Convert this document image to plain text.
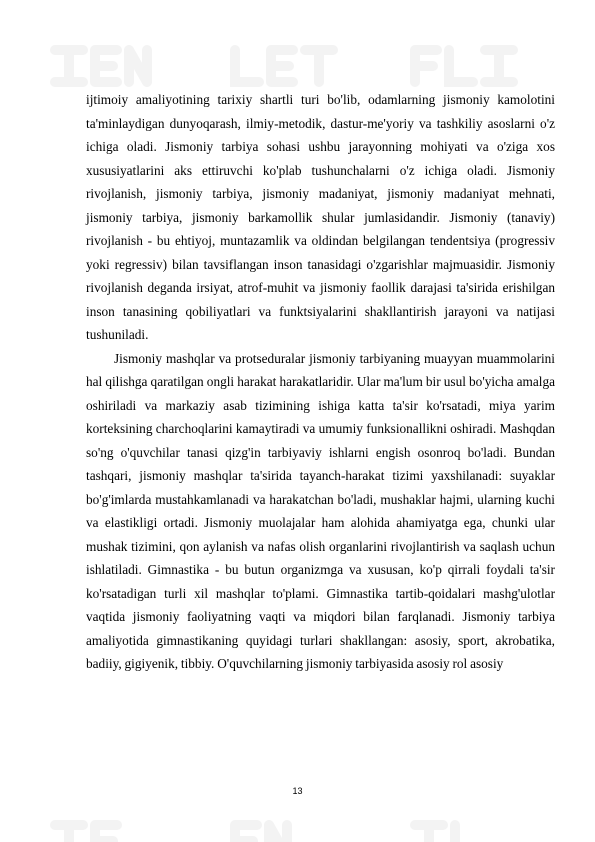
ijtimoiy amaliyotining tarixiy shartli turi bo'lib, odamlarning jismoniy kamolotini ta'minlaydigan dunyoqarash, ilmiy-metodik, dastur-me'yoriy va tashkiliy asoslarni o'z ichiga oladi. Jismoniy tarbiya sohasi ushbu jarayonning mohiyati va o'ziga xos xususiyatlarini aks ettiruvchi ko'plab tushunchalarni o'z ichiga oladi. Jismoniy rivojlanish, jismoniy tarbiya, jismoniy madaniyat, jismoniy madaniyat mehnati, jismoniy tarbiya, jismoniy barkamollik shular jumlasidandir. Jismoniy (tanaviy) rivojlanish - bu ehtiyoj, muntazamlik va oldindan belgilangan tendentsiya (progressiv yoki regressiv) bilan tavsiflangan inson tanasidagi o'zgarishlar majmuasidir. Jismoniy rivojlanish deganda irsiyat, atrof-muhit va jismoniy faollik darajasi ta'sirida erishilgan inson tanasining qobiliyatlari va funktsiyalarini shakllantirish jarayoni va natijasi tushuniladi.

Jismoniy mashqlar va protseduralar jismoniy tarbiyaning muayyan muammolarini hal qilishga qaratilgan ongli harakat harakatlaridir. Ular ma'lum bir usul bo'yicha amalga oshiriladi va markaziy asab tizimining ishiga katta ta'sir ko'rsatadi, miya yarim korteksining charchoqlarini kamaytiradi va umumiy funksionallikni oshiradi. Mashqdan so'ng o'quvchilar tanasi qizg'in tarbiyaviy ishlarni engish osonroq bo'ladi. Bundan tashqari, jismoniy mashqlar ta'sirida tayanch-harakat tizimi yaxshilanadi: suyaklar bo'g'imlarda mustahkamlanadi va harakatchan bo'ladi, mushaklar hajmi, ularning kuchi va elastikligi ortadi. Jismoniy muolajalar ham alohida ahamiyatga ega, chunki ular mushak tizimini, qon aylanish va nafas olish organlarini rivojlantirish va saqlash uchun ishlatiladi. Gimnastika - bu butun organizmga va xususan, ko'p qirrali foydali ta'sir ko'rsatadigan turli xil mashqlar to'plami. Gimnastika tartib-qoidalari mashg'ulotlar vaqtida jismoniy faoliyatning vaqti va miqdori bilan farqlanadi. Jismoniy tarbiya amaliyotida gimnastikaning quyidagi turlari shakllangan: asosiy, sport, akrobatika, badiiy, gigiyenik, tibbiy. O'quvchilarning jismoniy tarbiyasida asosiy rol asosiy

13
